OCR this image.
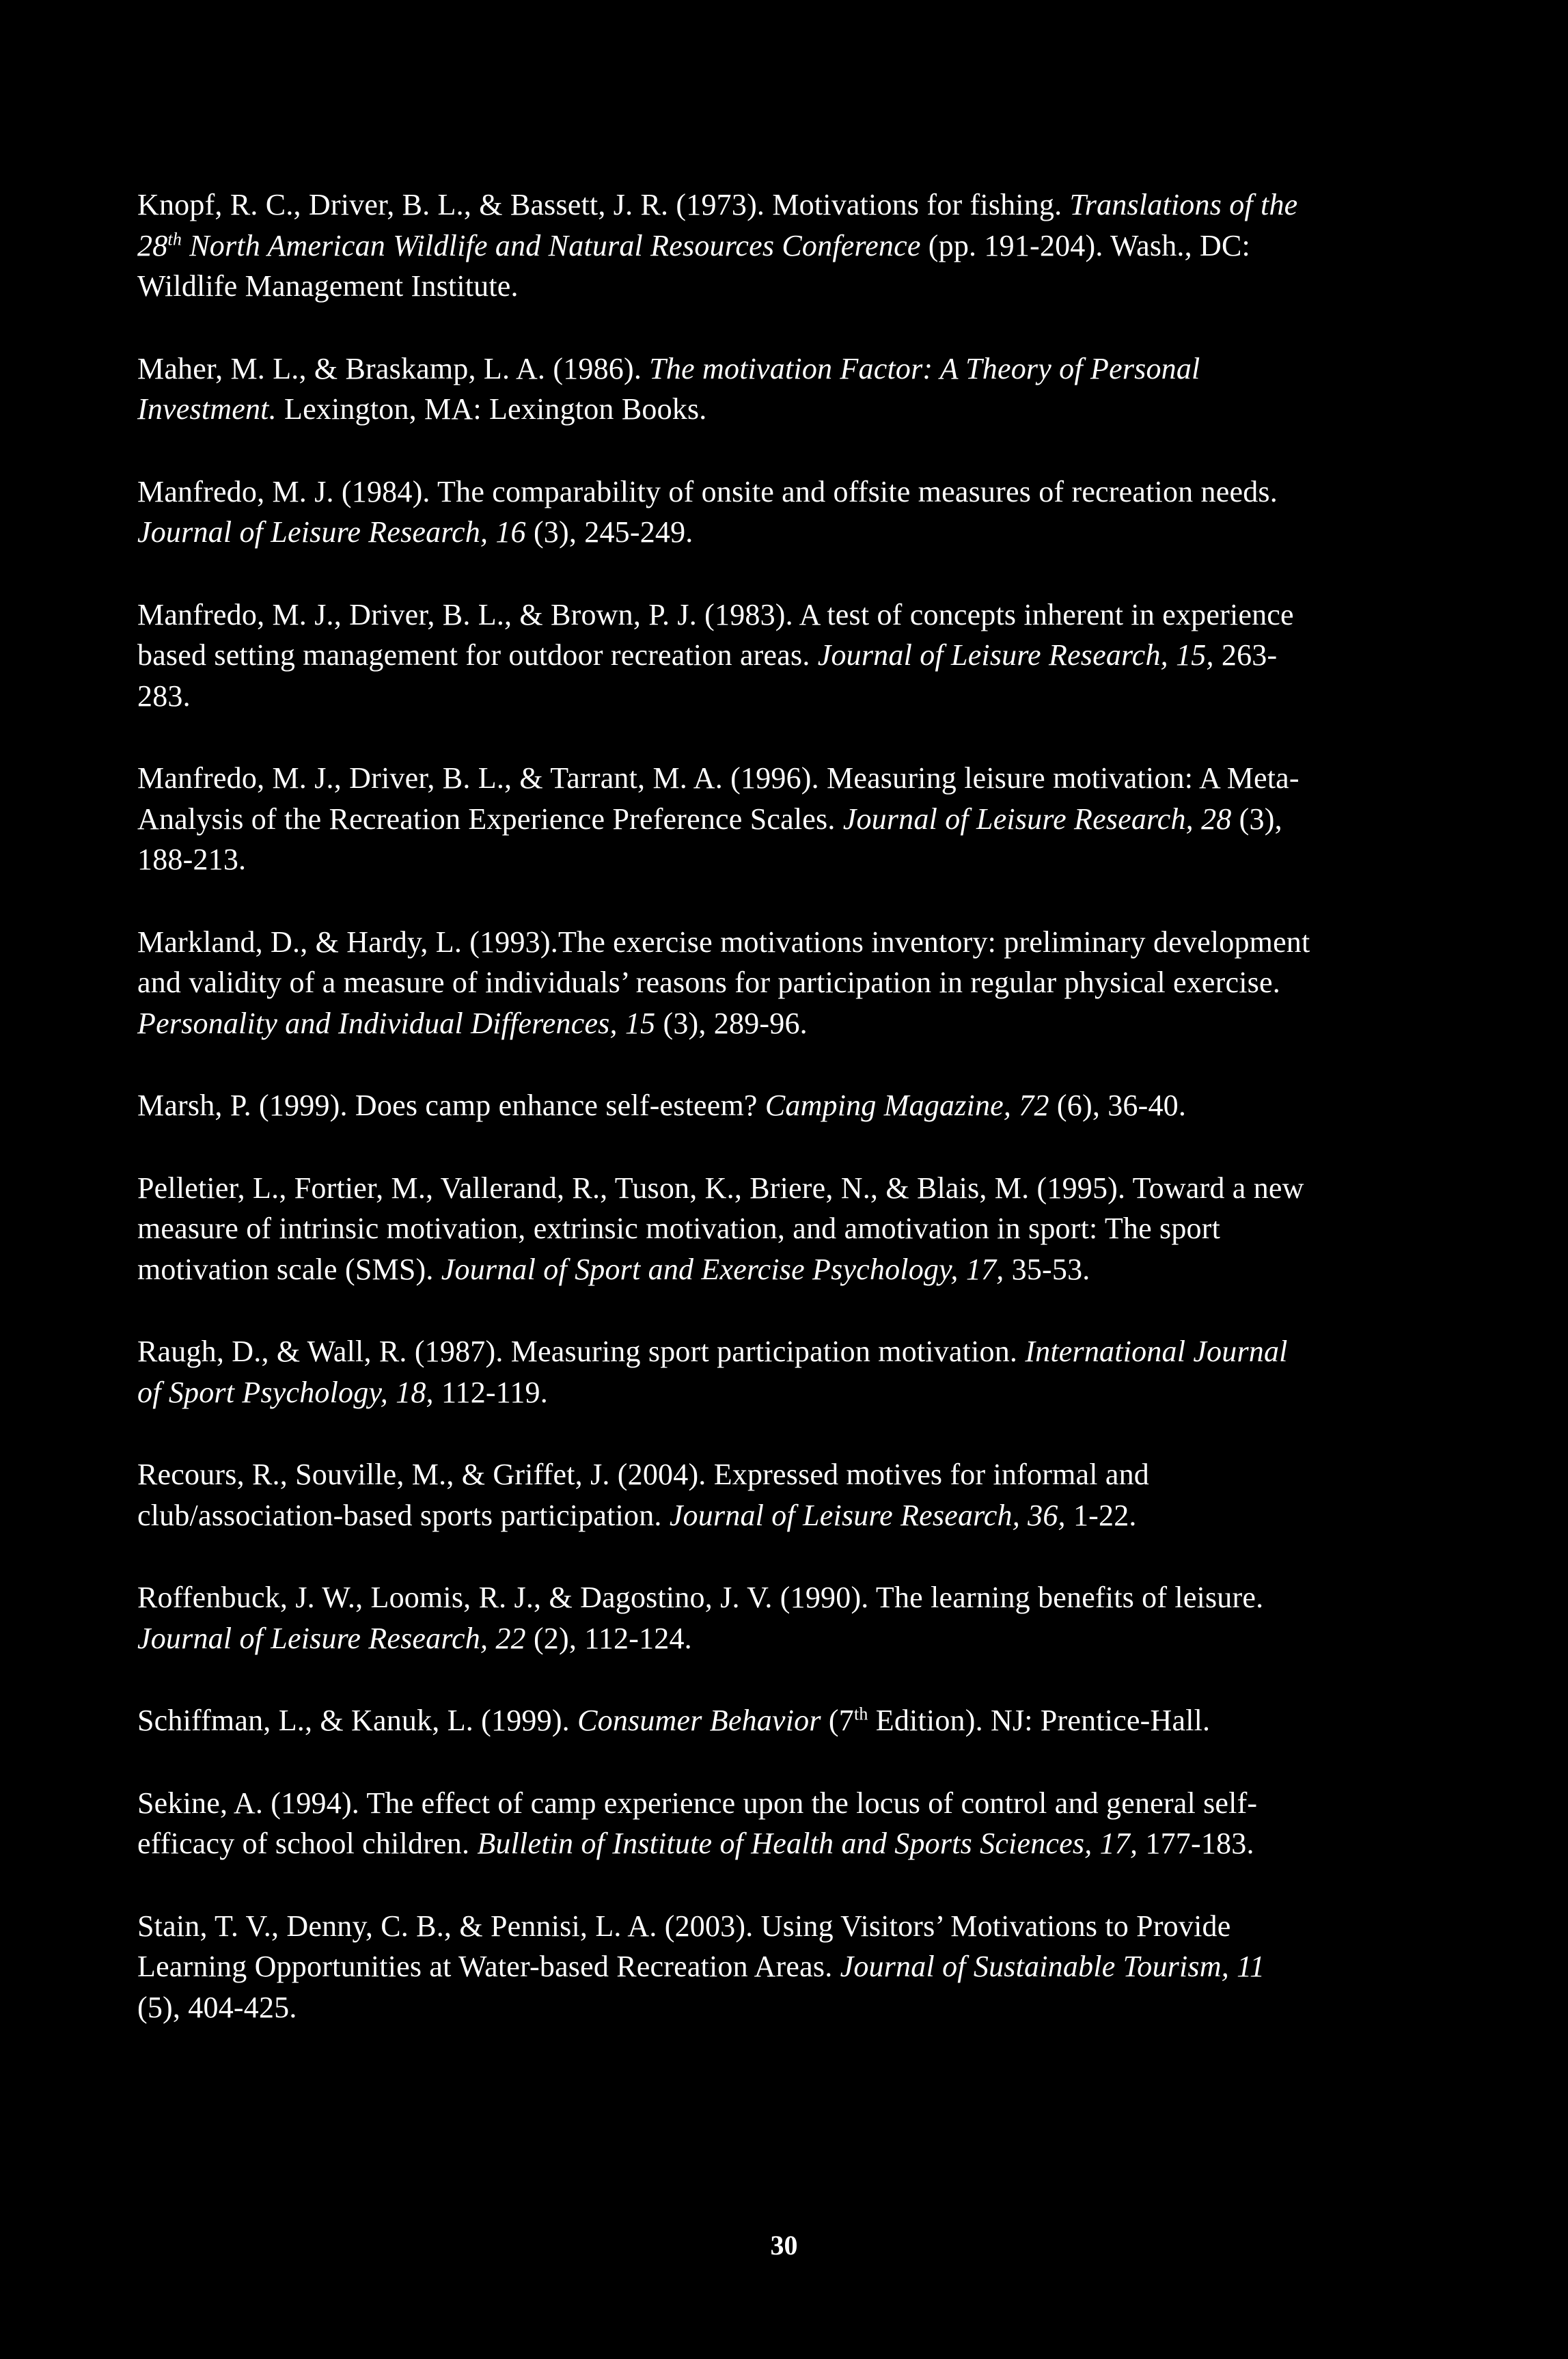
Knopf, R. C., Driver, B. L., & Bassett, J. R. (1973). Motivations for fishing. Translations of the 28th North American Wildlife and Natural Resources Conference (pp. 191-204). Wash., DC: Wildlife Management Institute.

Maher, M. L., & Braskamp, L. A. (1986). The motivation Factor: A Theory of Personal Investment. Lexington, MA: Lexington Books.

Manfredo, M. J. (1984). The comparability of onsite and offsite measures of recreation needs. Journal of Leisure Research, 16 (3), 245-249.

Manfredo, M. J., Driver, B. L., & Brown, P. J. (1983). A test of concepts inherent in experience based setting management for outdoor recreation areas. Journal of Leisure Research, 15, 263-283.

Manfredo, M. J., Driver, B. L., & Tarrant, M. A. (1996). Measuring leisure motivation: A Meta-Analysis of the Recreation Experience Preference Scales. Journal of Leisure Research, 28 (3), 188-213.

Markland, D., & Hardy, L. (1993).The exercise motivations inventory: preliminary development and validity of a measure of individuals’ reasons for participation in regular physical exercise. Personality and Individual Differences, 15 (3), 289-96.

Marsh, P. (1999). Does camp enhance self-esteem? Camping Magazine, 72 (6), 36-40.

Pelletier, L., Fortier, M., Vallerand, R., Tuson, K., Briere, N., & Blais, M. (1995). Toward a new measure of intrinsic motivation, extrinsic motivation, and amotivation in sport: The sport motivation scale (SMS). Journal of Sport and Exercise Psychology, 17, 35-53.

Raugh, D., & Wall, R. (1987). Measuring sport participation motivation. International Journal of Sport Psychology, 18, 112-119.

Recours, R., Souville, M., & Griffet, J. (2004). Expressed motives for informal and club/association-based sports participation. Journal of Leisure Research, 36, 1-22.

Roffenbuck, J. W., Loomis, R. J., & Dagostino, J. V. (1990). The learning benefits of leisure. Journal of Leisure Research, 22 (2), 112-124.

Schiffman, L., & Kanuk, L. (1999). Consumer Behavior (7th Edition). NJ: Prentice-Hall.

Sekine, A. (1994). The effect of camp experience upon the locus of control and general self-efficacy of school children. Bulletin of Institute of Health and Sports Sciences, 17, 177-183.

Stain, T. V., Denny, C. B., & Pennisi, L. A. (2003). Using Visitors’ Motivations to Provide Learning Opportunities at Water-based Recreation Areas. Journal of Sustainable Tourism, 11 (5), 404-425.

30
